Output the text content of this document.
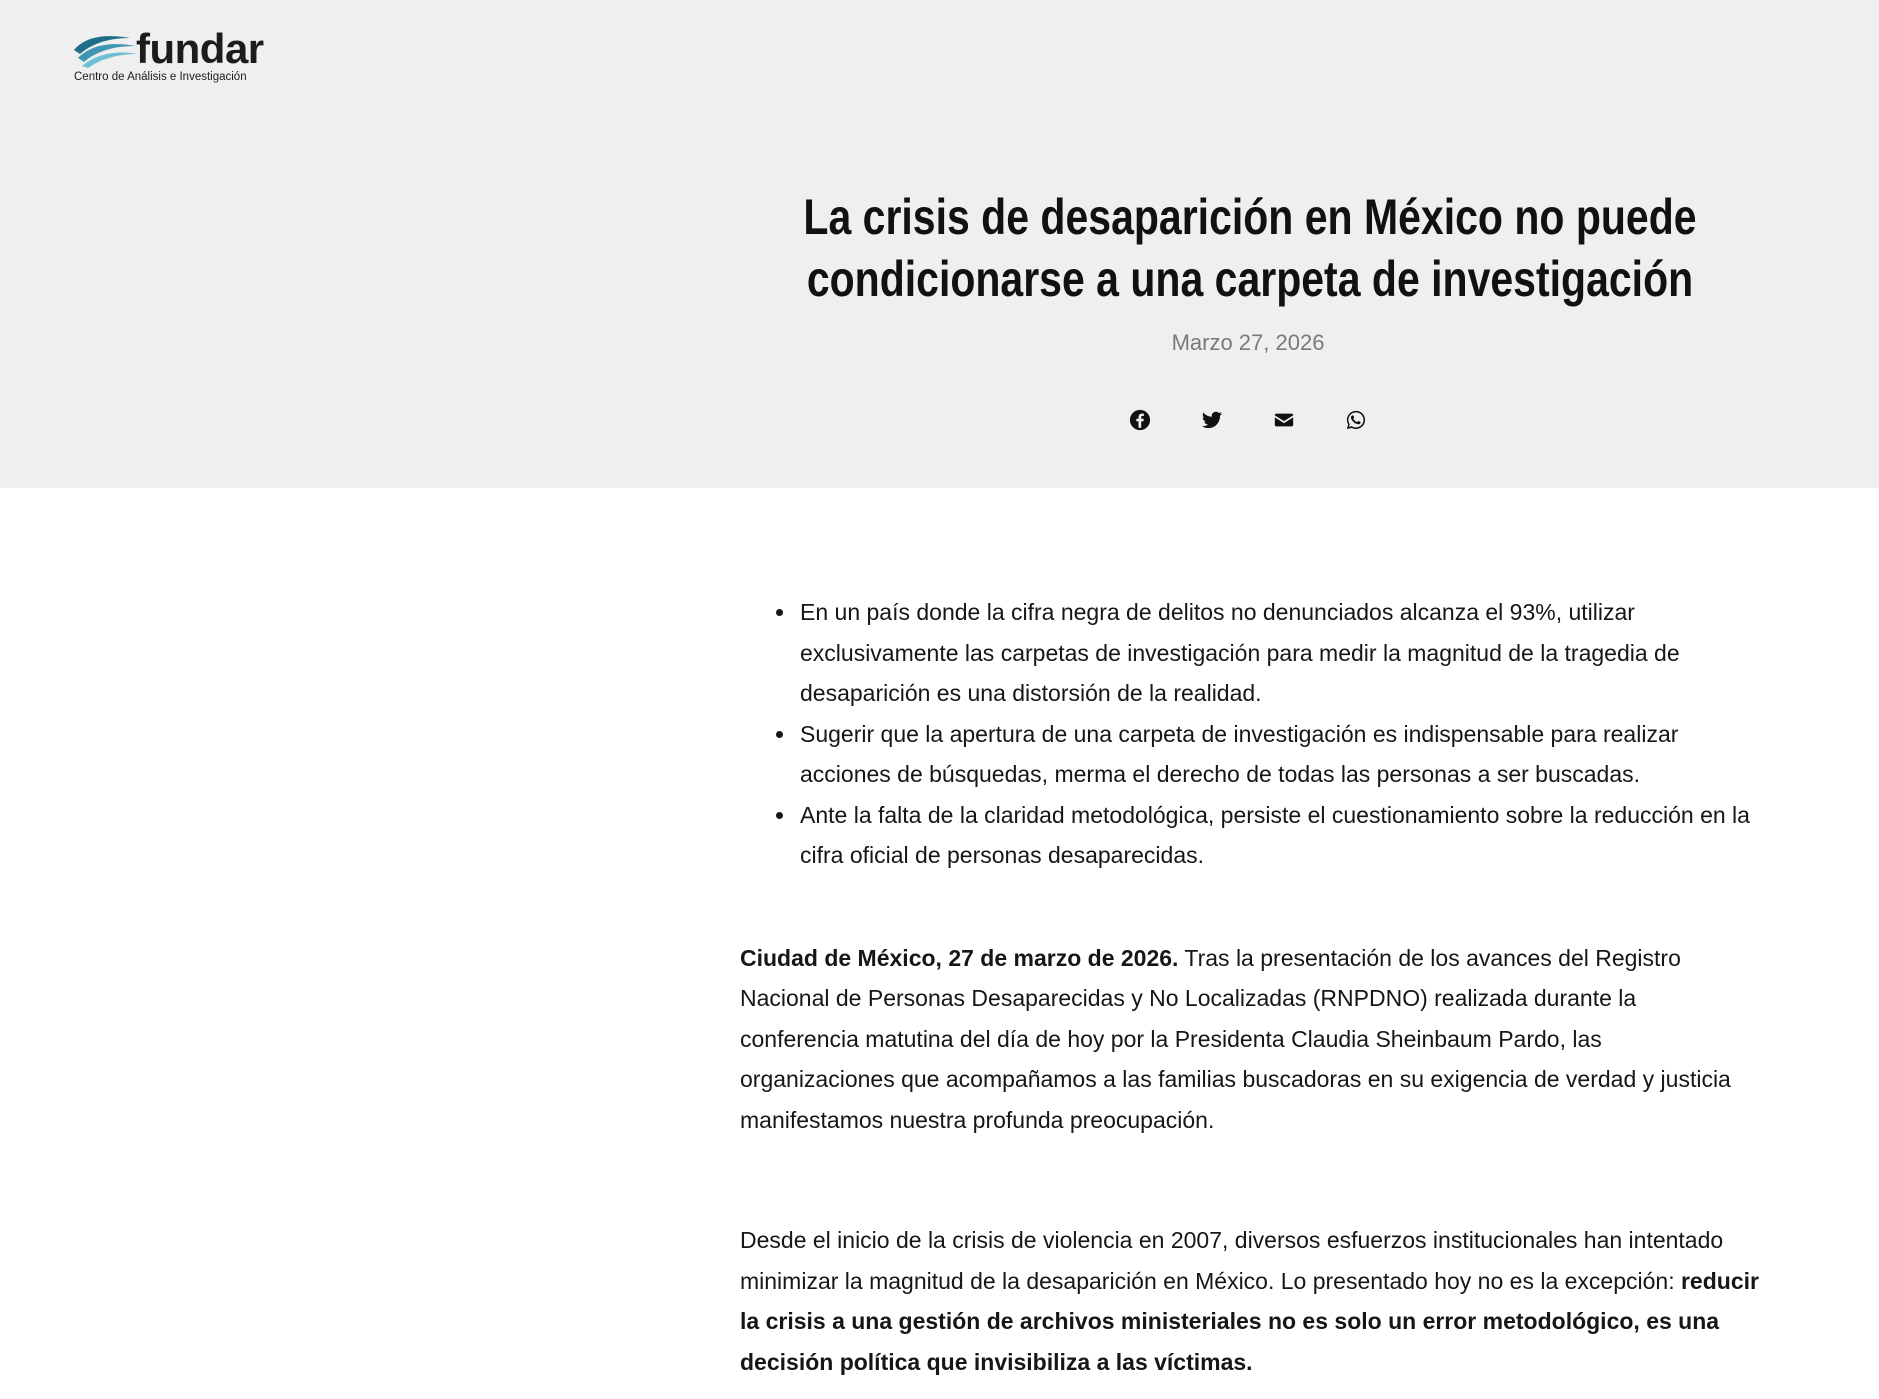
fundar
Centro de Análisis e Investigación
La crisis de desaparición en México no puede
condicionarse a una carpeta de investigación
Marzo 27, 2026
En un país donde la cifra negra de delitos no denunciados alcanza el 93%, utilizar exclusivamente las carpetas de investigación para medir la magnitud de la tragedia de desaparición es una distorsión de la realidad.
Sugerir que la apertura de una carpeta de investigación es indispensable para realizar acciones de búsquedas, merma el derecho de todas las personas a ser buscadas.
Ante la falta de la claridad metodológica, persiste el cuestionamiento sobre la reducción en la cifra oficial de personas desaparecidas.

Ciudad de México, 27 de marzo de 2026. Tras la presentación de los avances del Registro Nacional de Personas Desaparecidas y No Localizadas (RNPDNO) realizada durante la conferencia matutina del día de hoy por la Presidenta Claudia Sheinbaum Pardo, las organizaciones que acompañamos a las familias buscadoras en su exigencia de verdad y justicia manifestamos nuestra profunda preocupación.

Desde el inicio de la crisis de violencia en 2007, diversos esfuerzos institucionales han intentado minimizar la magnitud de la desaparición en México. Lo presentado hoy no es la excepción: reducir la crisis a una gestión de archivos ministeriales no es solo un error metodológico, es una decisión política que invisibiliza a las víctimas.
